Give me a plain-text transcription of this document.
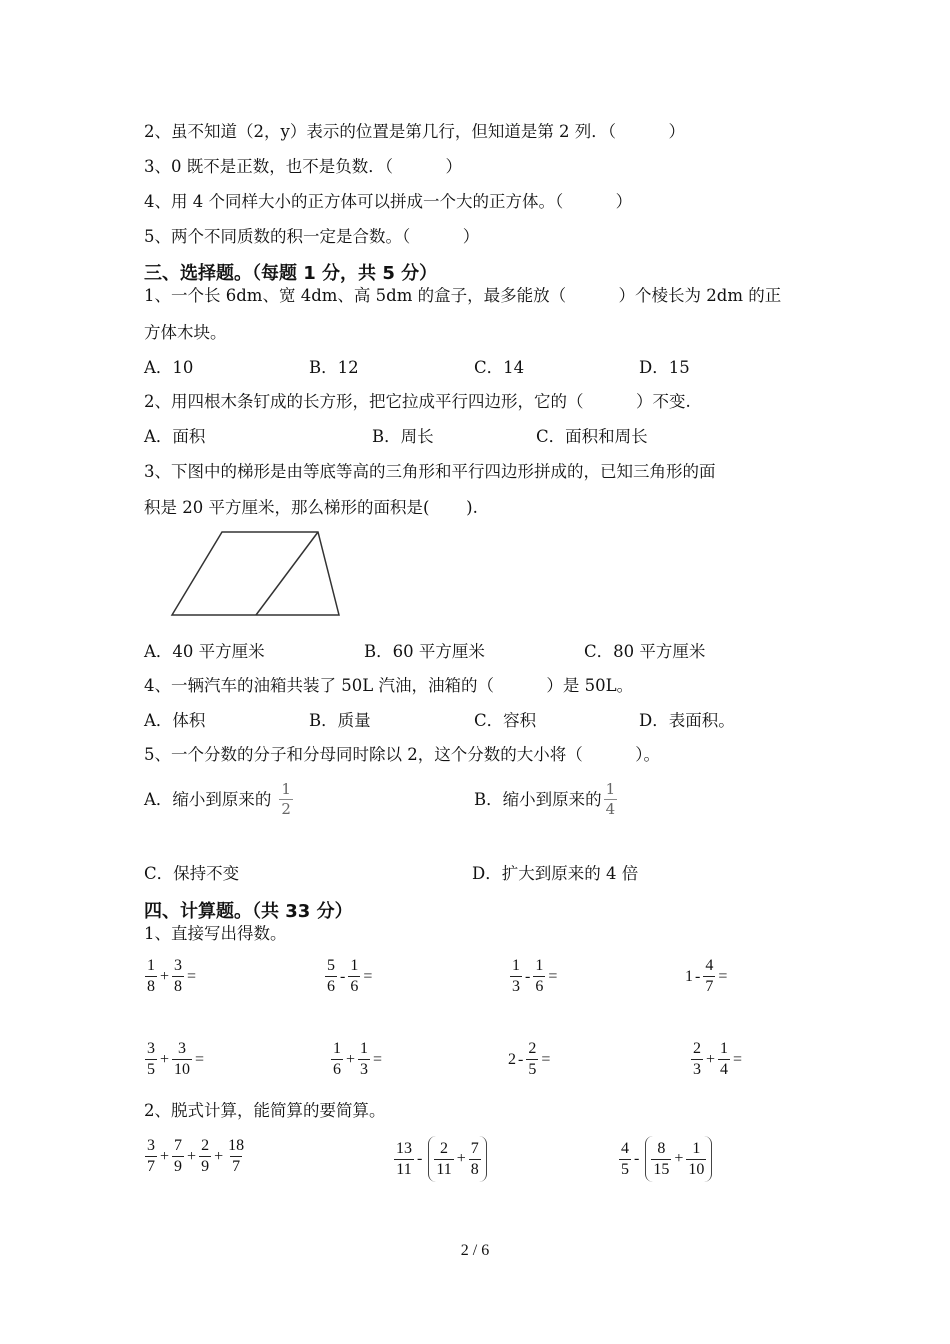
2、虽不知道（2，y）表示的位置是第几行，但知道是第 2 列．（          ）
3、0 既不是正数，也不是负数．（          ）
4、用 4 个同样大小的正方体可以拼成一个大的正方体。（          ）
5、两个不同质数的积一定是合数。（          ）
三、选择题。（每题 1 分，共 5 分）
1、一个长 6dm、宽 4dm、高 5dm 的盒子，最多能放（          ）个棱长为 2dm 的正
方体木块。
A．10	B．12	C．14	D．15
2、用四根木条钉成的长方形，把它拉成平行四边形，它的（          ）不变.
A．面积	B．周长	C．面积和周长
3、下图中的梯形是由等底等高的三角形和平行四边形拼成的，已知三角形的面
积是 20 平方厘米，那么梯形的面积是(       ).
A．40 平方厘米	B．60 平方厘米	C．80 平方厘米
4、一辆汽车的油箱共装了 50L 汽油，油箱的（          ）是 50L。
A．体积	B．质量	C．容积	D．表面积。
5、一个分数的分子和分母同时除以 2，这个分数的大小将（          ）。
A．缩小到原来的 $\frac{1}{2}$	B．缩小到原来的 $\frac{1}{4}$
C．保持不变	D．扩大到原来的 4 倍
四、计算题。（共 33 分）
1、直接写出得数。
$\frac{1}{8} + \frac{3}{8}$ =	$\frac{5}{6} - \frac{1}{6}$ =	$\frac{1}{3} - \frac{1}{6}$ =	$1 - \frac{4}{7}$ =
$\frac{3}{5} + \frac{3}{10}$ =	$\frac{1}{6} + \frac{1}{3}$ =	$2 - \frac{2}{5}$ =	$\frac{2}{3} + \frac{1}{4}$ =
2、脱式计算，能简算的要简算。
$\frac{3}{7} + \frac{7}{9} + \frac{2}{9} + \frac{18}{7}$	$\frac{13}{11} - \frac{2}{11} + \frac{7}{8}$	$\frac{4}{5} - \frac{8}{15} + \frac{1}{10}$
2 / 6
